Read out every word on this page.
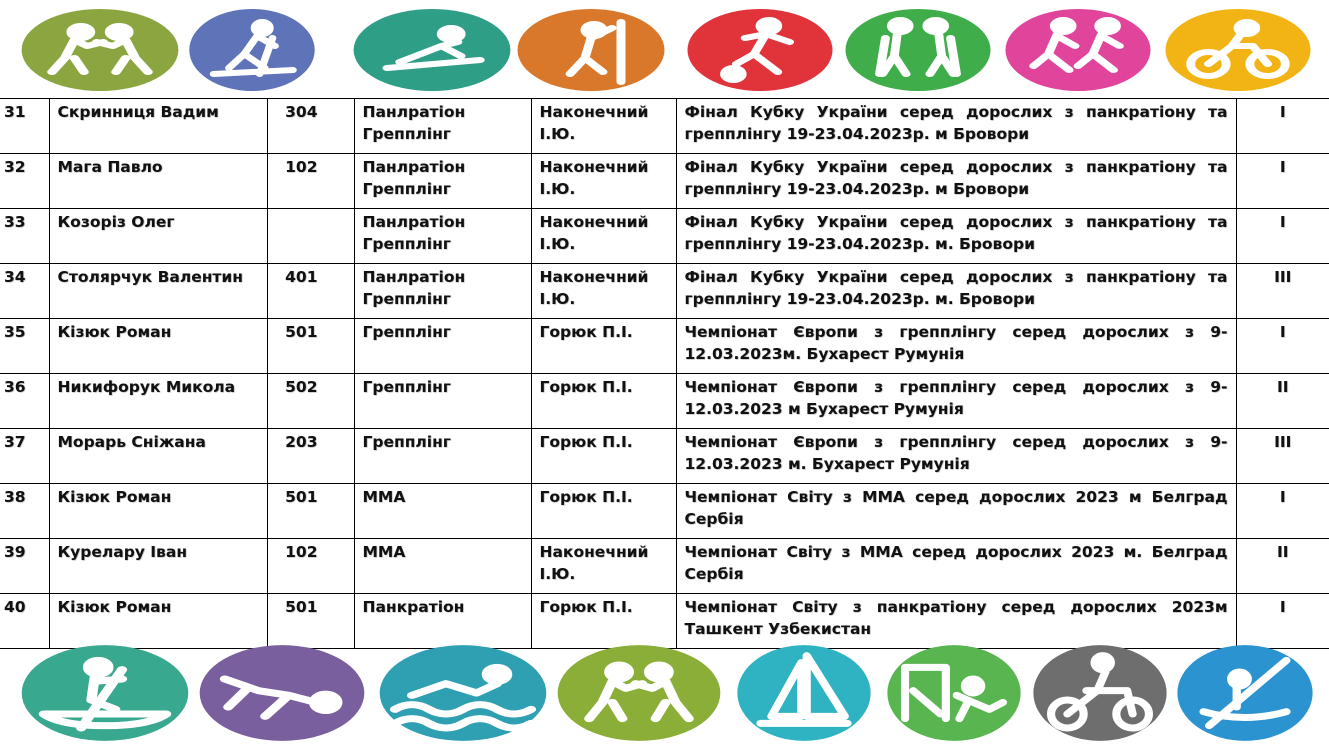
31	Скринниця Вадим	304	Панлратіон Грепплінг	Наконечний І.Ю.	Фінал Кубку України серед дорослих з панкратіону та грепплінгу 19-23.04.2023р. м Бровори	І
32	Мага Павло	102	Панлратіон Грепплінг	Наконечний І.Ю.	Фінал Кубку України серед дорослих з панкратіону та грепплінгу 19-23.04.2023р. м Бровори	І
33	Козоріз Олег		Панлратіон Грепплінг	Наконечний І.Ю.	Фінал Кубку України серед дорослих з панкратіону та грепплінгу 19-23.04.2023р. м. Бровори	І
34	Столярчук Валентин	401	Панлратіон Грепплінг	Наконечний І.Ю.	Фінал Кубку України серед дорослих з панкратіону та грепплінгу 19-23.04.2023р. м. Бровори	ІІІ
35	Кізюк Роман	501	Грепплінг	Горюк П.І.	Чемпіонат Європи з грепплінгу серед дорослих з 9-12.03.2023м. Бухарест Румунія	І
36	Никифорук Микола	502	Грепплінг	Горюк П.І.	Чемпіонат Європи з грепплінгу серед дорослих з 9-12.03.2023 м Бухарест Румунія	ІІ
37	Морарь Сніжана	203	Грепплінг	Горюк П.І.	Чемпіонат Європи з грепплінгу серед дорослих з 9-12.03.2023 м. Бухарест Румунія	ІІІ
38	Кізюк Роман	501	ММА	Горюк П.І.	Чемпіонат Світу з ММА серед дорослих 2023 м Белград Сербія	І
39	Курелару Іван	102	ММА	Наконечний І.Ю.	Чемпіонат Світу з ММА серед дорослих 2023 м. Белград Сербія	ІІ
40	Кізюк Роман	501	Панкратіон	Горюк П.І.	Чемпіонат Світу з панкратіону серед дорослих 2023м Ташкент Узбекистан	І
